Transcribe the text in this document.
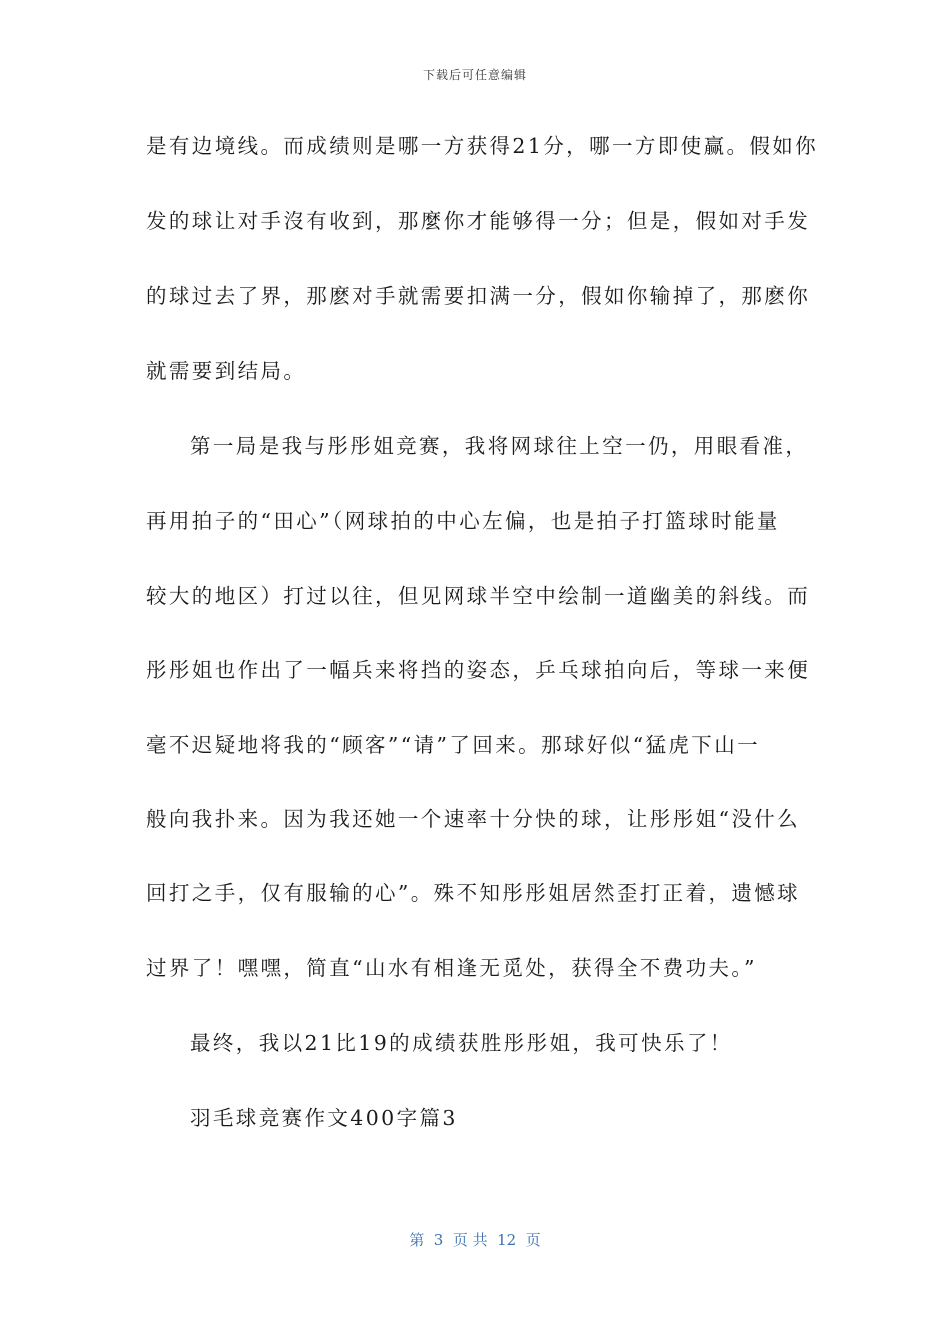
下载后可任意编辑
是有边境线。而成绩则是哪一方获得21分，哪一方即使赢。假如你
发的球让对手沒有收到，那麼你才能够得一分；但是，假如对手发
的球过去了界，那麽对手就需要扣满一分，假如你输掉了，那麽你
就需要到结局。
第一局是我与彤彤姐竞赛，我将网球往上空一仍，用眼看准，
再用拍子的“田心”（网球拍的中心左偏，也是拍子打篮球时能量
较大的地区）打过以往，但见网球半空中绘制一道幽美的斜线。而
彤彤姐也作出了一幅兵来将挡的姿态，乒乓球拍向后，等球一来便
毫不迟疑地将我的“顾客”“请”了回来。那球好似“猛虎下山一
般向我扑来。因为我还她一个速率十分快的球，让彤彤姐“没什么
回打之手，仅有服输的心”。殊不知彤彤姐居然歪打正着，遗憾球
过界了！嘿嘿，简直“山水有相逢无觅处，获得全不费功夫。”
最终，我以21比19的成绩获胜彤彤姐，我可快乐了！
羽毛球竞赛作文400字篇3
第  3  页 共  12  页
